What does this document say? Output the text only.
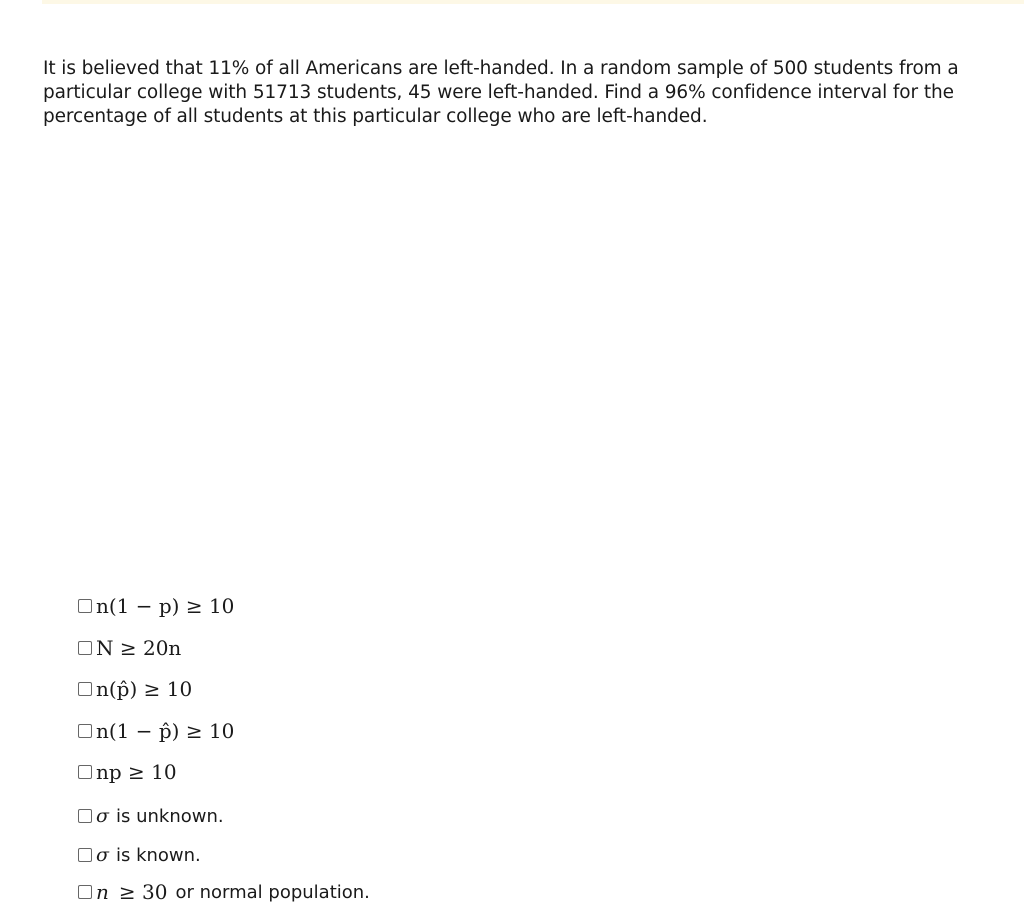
It is believed that 11% of all Americans are left-handed. In a random sample of 500 students from a particular college with 51713 students, 45 were left-handed. Find a 96% confidence interval for the percentage of all students at this particular college who are left-handed.

n(1 − p) ≥ 10
N ≥ 20n
n(p̂) ≥ 10
n(1 − p̂) ≥ 10
np ≥ 10
σ is unknown.
σ is known.
n ≥ 30 or normal population.
